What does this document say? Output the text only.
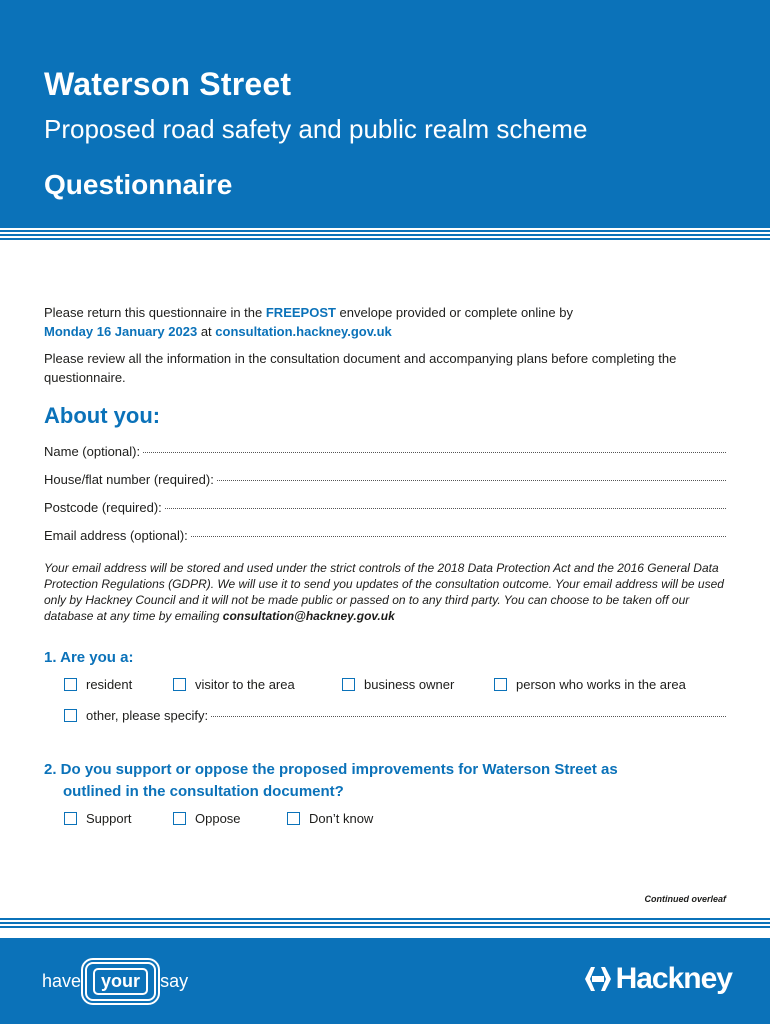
Waterson Street
Proposed road safety and public realm scheme
Questionnaire

Please return this questionnaire in the FREEPOST envelope provided or complete online by
Monday 16 January 2023 at consultation.hackney.gov.uk

Please review all the information in the consultation document and accompanying plans before completing the questionnaire.

About you:
Name (optional):
House/flat number (required):
Postcode (required):
Email address (optional):
Your email address will be stored and used under the strict controls of the 2018 Data Protection Act and the 2016 General Data Protection Regulations (GDPR). We will use it to send you updates of the consultation outcome. Your email address will be used only by Hackney Council and it will not be made public or passed on to any third party. You can choose to be taken off our database at any time by emailing consultation@hackney.gov.uk
1. Are you a:
resident	visitor to the area	business owner	person who works in the area
other, please specify:
2. Do you support or oppose the proposed improvements for Waterson Street as
outlined in the consultation document?
Support	Oppose	Don’t know
Continued overleaf
have	your	say	Hackney
